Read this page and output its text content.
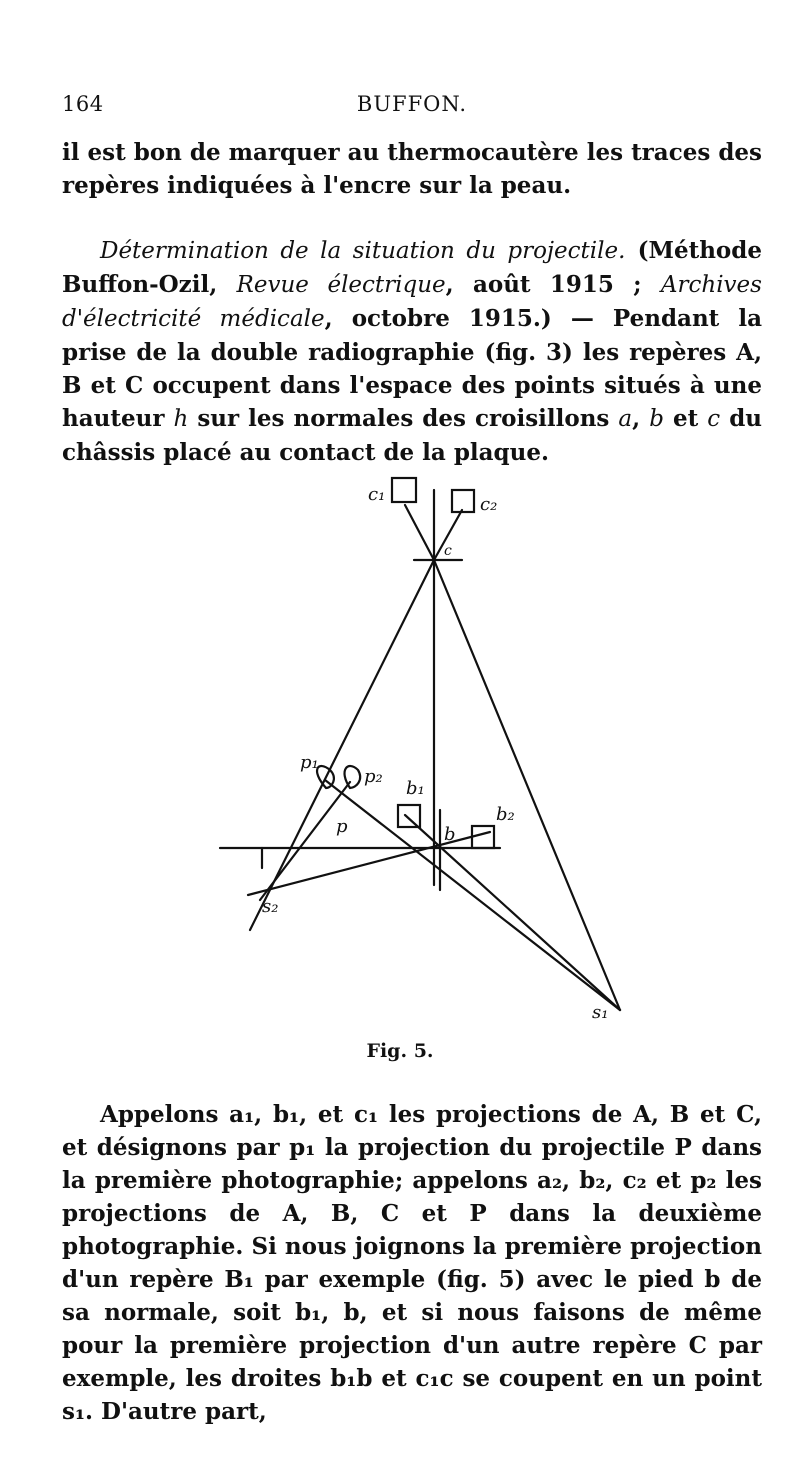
164	BUFFON.
il est bon de marquer au thermocautère les traces des repères indiquées à l'encre sur la peau.
Détermination de la situation du projectile. (Méthode Buffon-Ozil, Revue électrique, août 1915 ; Archives d'électricité médicale, octobre 1915.) — Pendant la prise de la double radiographie (fig. 3) les repères A, B et C occupent dans l'espace des points situés à une hauteur h sur les normales des croisillons a, b et c du châssis placé au contact de la plaque.
c₁	c₂
c
p₁
p₂
p
b₁
b₂
b
s₁
s₂
Fig. 5.
Appelons a₁, b₁, et c₁ les projections de A, B et C, et désignons par p₁ la projection du projectile P dans la première photographie; appelons a₂, b₂, c₂ et p₂ les projections de A, B, C et P dans la deuxième photographie. Si nous joignons la première projection d'un repère B₁ par exemple (fig. 5) avec le pied b de sa normale, soit b₁, b, et si nous faisons de même pour la première projection d'un autre repère C par exemple, les droites b₁b et c₁c se coupent en un point s₁. D'autre part,
